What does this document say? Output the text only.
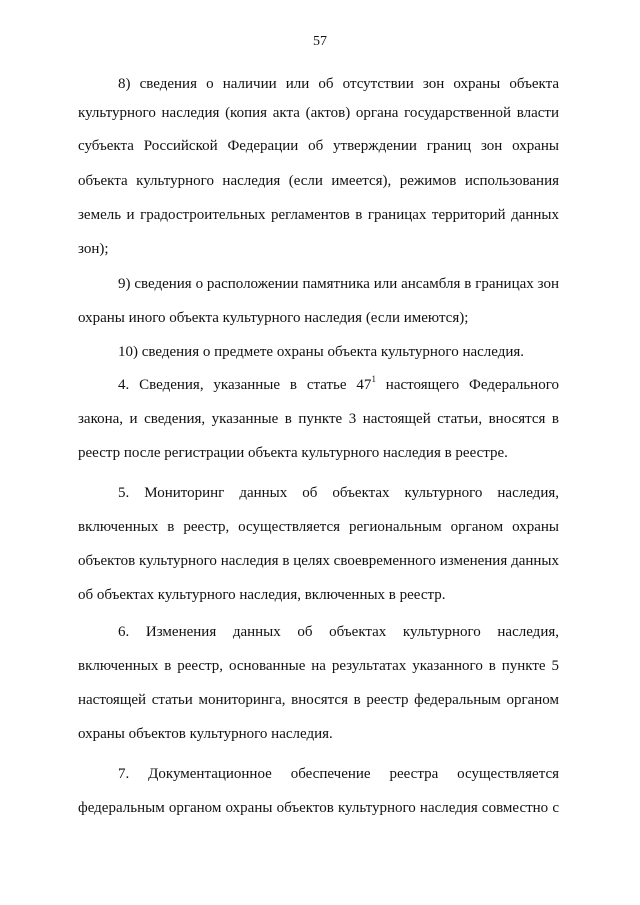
57
8) сведения о наличии или об отсутствии зон охраны объекта
культурного наследия (копия акта (актов) органа государственной власти
субъекта Российской Федерации об утверждении границ зон охраны
объекта культурного наследия (если имеется), режимов использования
земель и градостроительных регламентов в границах территорий данных
зон);
9) сведения о расположении памятника или ансамбля в границах зон
охраны иного объекта культурного наследия (если имеются);
10) сведения о предмете охраны объекта культурного наследия.
4. Сведения, указанные в статье $47^1$ настоящего Федерального
закона, и сведения, указанные в пункте 3 настоящей статьи, вносятся в
реестр после регистрации объекта культурного наследия в реестре.
5. Мониторинг данных об объектах культурного наследия,
включенных в реестр, осуществляется региональным органом охраны
объектов культурного наследия в целях своевременного изменения данных
об объектах культурного наследия, включенных в реестр.
6. Изменения данных об объектах культурного наследия,
включенных в реестр, основанные на результатах указанного в пункте 5
настоящей статьи мониторинга, вносятся в реестр федеральным органом
охраны объектов культурного наследия.
7. Документационное обеспечение реестра осуществляется
федеральным органом охраны объектов культурного наследия совместно с
